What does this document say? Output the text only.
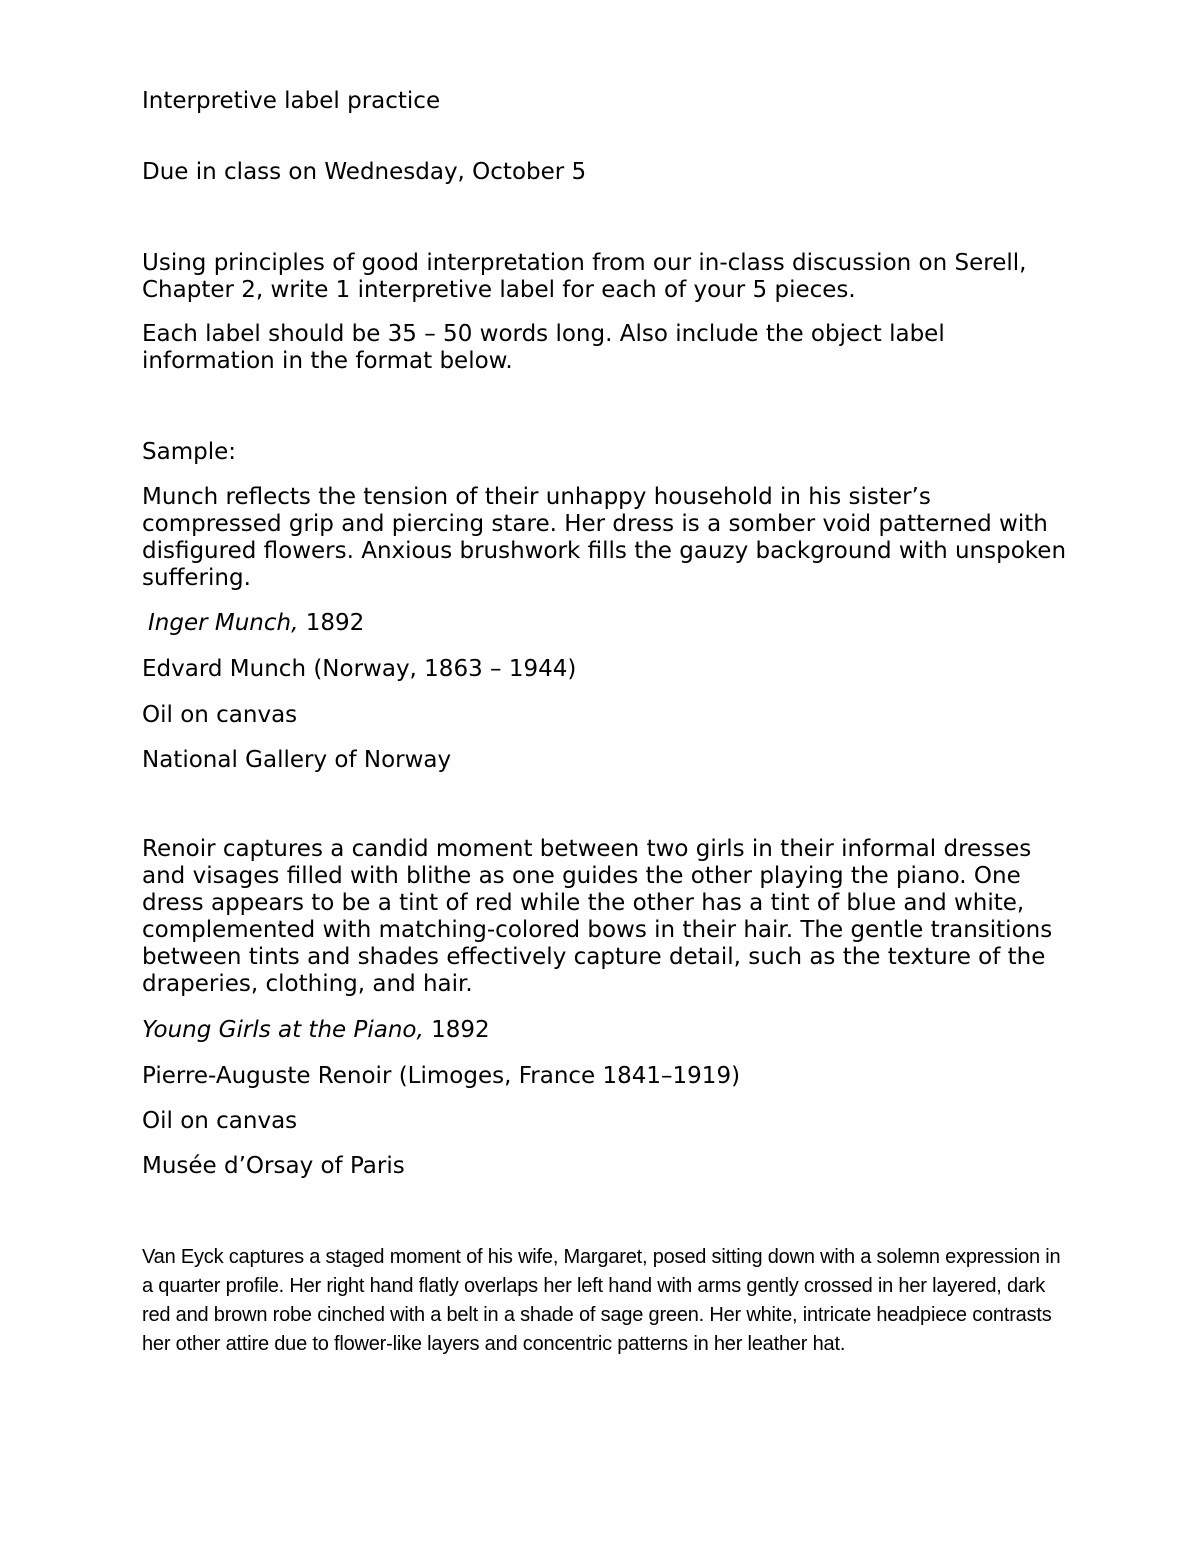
Interpretive label practice

Due in class on Wednesday, October 5

Using principles of good interpretation from our in-class discussion on Serell, Chapter 2, write 1 interpretive label for each of your 5 pieces.

Each label should be 35 – 50 words long. Also include the object label information in the format below.

Sample:

Munch reflects the tension of their unhappy household in his sister’s compressed grip and piercing stare. Her dress is a somber void patterned with disfigured flowers. Anxious brushwork fills the gauzy background with unspoken suffering.

Inger Munch, 1892

Edvard Munch (Norway, 1863 – 1944)

Oil on canvas

National Gallery of Norway

Renoir captures a candid moment between two girls in their informal dresses and visages filled with blithe as one guides the other playing the piano. One dress appears to be a tint of red while the other has a tint of blue and white, complemented with matching-colored bows in their hair. The gentle transitions between tints and shades effectively capture detail, such as the texture of the draperies, clothing, and hair.

Young Girls at the Piano, 1892

Pierre-Auguste Renoir (Limoges, France 1841–1919)

Oil on canvas

Musée d’Orsay of Paris

Van Eyck captures a staged moment of his wife, Margaret, posed sitting down with a solemn expression in a quarter profile. Her right hand flatly overlaps her left hand with arms gently crossed in her layered, dark red and brown robe cinched with a belt in a shade of sage green. Her white, intricate headpiece contrasts her other attire due to flower-like layers and concentric patterns in her leather hat.
